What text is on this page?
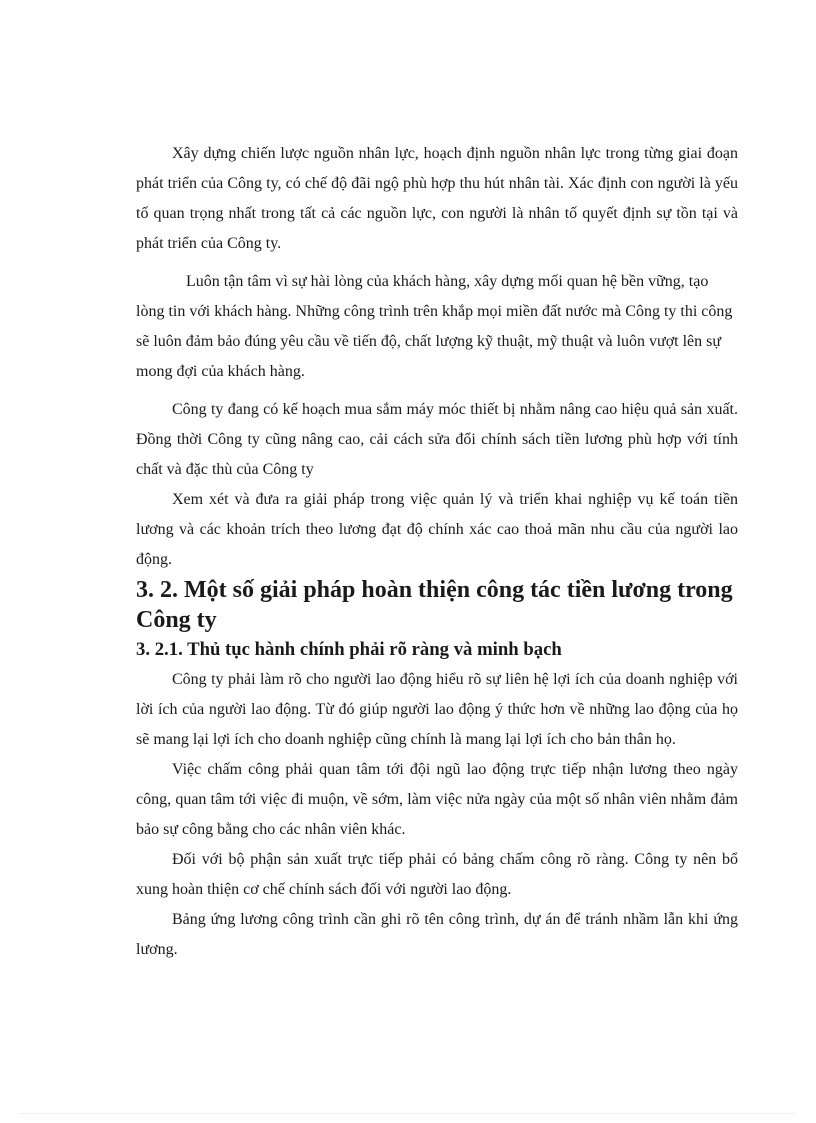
Xây dựng chiến lược nguồn nhân lực, hoạch định nguồn nhân lực trong từng giai đoạn phát triển của Công ty, có chế độ đãi ngộ phù hợp thu hút nhân tài. Xác định con người là yếu tố quan trọng nhất trong tất cả các nguồn lực, con người là nhân tố quyết định sự tồn tại và phát triển của Công ty.

Luôn tận tâm vì sự hài lòng của khách hàng, xây dựng mối quan hệ bền vững, tạo lòng tin với khách hàng. Những công trình trên khắp mọi miền đất nước mà Công ty thi công sẽ luôn đảm bảo đúng yêu cầu về tiến độ, chất lượng kỹ thuật, mỹ thuật và luôn vượt lên sự mong đợi của khách hàng.

Công ty đang có kế hoạch mua sắm máy móc thiết bị nhằm nâng cao hiệu quả sản xuất. Đồng thời Công ty cũng nâng cao, cải cách sửa đổi chính sách tiền lương phù hợp với tính chất và đặc thù của Công ty

Xem xét và đưa ra giải pháp trong việc quản lý và triển khai nghiệp vụ kế toán tiền lương và các khoản trích theo lương đạt độ chính xác cao thoả mãn nhu cầu của người lao động.

3. 2. Một số giải pháp hoàn thiện công tác tiền lương trong Công ty
3. 2.1. Thủ tục hành chính phải rõ ràng và minh bạch

Công ty phải làm rõ cho người lao động hiểu rõ sự liên hệ lợi ích của doanh nghiệp với lời ích của người lao động. Từ đó giúp người lao động ý thức hơn về những lao động của họ sẽ mang lại lợi ích cho doanh nghiệp cũng chính là mang lại lợi ích cho bản thân họ.

Việc chấm công phải quan tâm tới đội ngũ lao động trực tiếp nhận lương theo ngày công, quan tâm tới việc đi muộn, về sớm, làm việc nửa ngày của một số nhân viên nhằm đảm bảo sự công bằng cho các nhân viên khác.

Đối với bộ phận sản xuất trực tiếp phải có bảng chấm công rõ ràng. Công ty nên bổ xung hoàn thiện cơ chế chính sách đối với người lao động.

Bảng ứng lương công trình cần ghi rõ tên công trình, dự án để tránh nhầm lẫn khi ứng lương.
